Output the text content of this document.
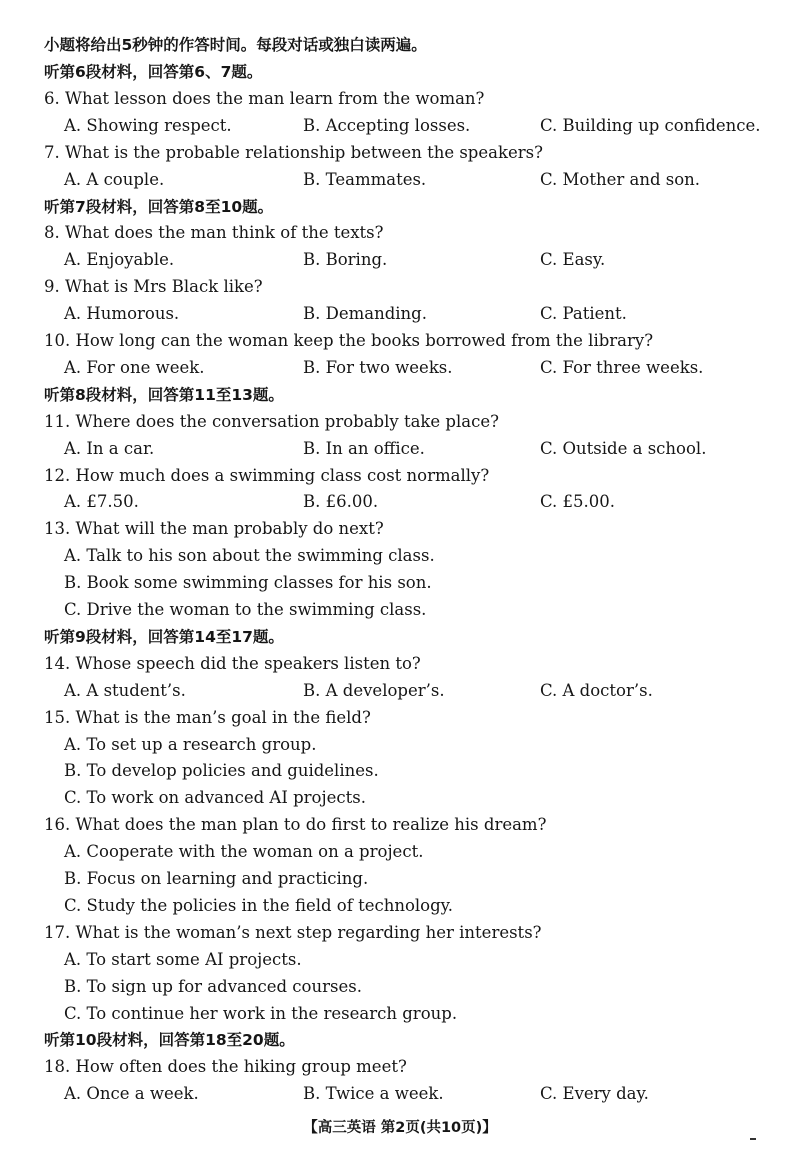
小题将给出5秒钟的作答时间。每段对话或独白读两遍。
听第6段材料，回答第6、7题。
6. What lesson does the man learn from the woman?
A. Showing respect.	B. Accepting losses.	C. Building up confidence.
7. What is the probable relationship between the speakers?
A. A couple.	B. Teammates.	C. Mother and son.
听第7段材料，回答第8至10题。
8. What does the man think of the texts?
A. Enjoyable.	B. Boring.	C. Easy.
9. What is Mrs Black like?
A. Humorous.	B. Demanding.	C. Patient.
10. How long can the woman keep the books borrowed from the library?
A. For one week.	B. For two weeks.	C. For three weeks.
听第8段材料，回答第11至13题。
11. Where does the conversation probably take place?
A. In a car.	B. In an office.	C. Outside a school.
12. How much does a swimming class cost normally?
A. £7.50.	B. £6.00.	C. £5.00.
13. What will the man probably do next?
A. Talk to his son about the swimming class.
B. Book some swimming classes for his son.
C. Drive the woman to the swimming class.
听第9段材料，回答第14至17题。
14. Whose speech did the speakers listen to?
A. A student’s.	B. A developer’s.	C. A doctor’s.
15. What is the man’s goal in the field?
A. To set up a research group.
B. To develop policies and guidelines.
C. To work on advanced AI projects.
16. What does the man plan to do first to realize his dream?
A. Cooperate with the woman on a project.
B. Focus on learning and practicing.
C. Study the policies in the field of technology.
17. What is the woman’s next step regarding her interests?
A. To start some AI projects.
B. To sign up for advanced courses.
C. To continue her work in the research group.
听第10段材料，回答第18至20题。
18. How often does the hiking group meet?
A. Once a week.	B. Twice a week.	C. Every day.
【高三英语 第2页(共10页)】
